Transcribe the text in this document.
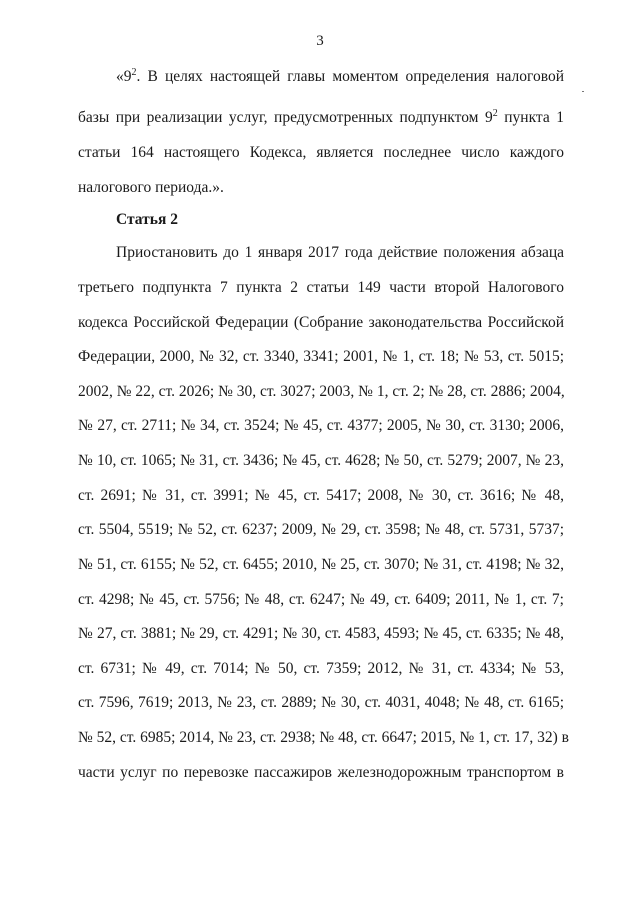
3
«$9^2$. В целях настоящей главы моментом определения налоговой
базы при реализации услуг, предусмотренных подпунктом $9^2$ пункта 1
статьи 164 настоящего Кодекса, является последнее число каждого
налогового периода.».
Статья 2
Приостановить до 1 января 2017 года действие положения абзаца
третьего подпункта 7 пункта 2 статьи 149 части второй Налогового
кодекса Российской Федерации (Собрание законодательства Российской
Федерации, 2000, № 32, ст. 3340, 3341; 2001, № 1, ст. 18; № 53, ст. 5015;
2002, № 22, ст. 2026; № 30, ст. 3027; 2003, № 1, ст. 2; № 28, ст. 2886; 2004,
№ 27, ст. 2711; № 34, ст. 3524; № 45, ст. 4377; 2005, № 30, ст. 3130; 2006,
№ 10, ст. 1065; № 31, ст. 3436; № 45, ст. 4628; № 50, ст. 5279; 2007, № 23,
ст. 2691; № 31, ст. 3991; № 45, ст. 5417; 2008, № 30, ст. 3616; № 48,
ст. 5504, 5519; № 52, ст. 6237; 2009, № 29, ст. 3598; № 48, ст. 5731, 5737;
№ 51, ст. 6155; № 52, ст. 6455; 2010, № 25, ст. 3070; № 31, ст. 4198; № 32,
ст. 4298; № 45, ст. 5756; № 48, ст. 6247; № 49, ст. 6409; 2011, № 1, ст. 7;
№ 27, ст. 3881; № 29, ст. 4291; № 30, ст. 4583, 4593; № 45, ст. 6335; № 48,
ст. 6731; № 49, ст. 7014; № 50, ст. 7359; 2012, № 31, ст. 4334; № 53,
ст. 7596, 7619; 2013, № 23, ст. 2889; № 30, ст. 4031, 4048; № 48, ст. 6165;
№ 52, ст. 6985; 2014, № 23, ст. 2938; № 48, ст. 6647; 2015, № 1, ст. 17, 32) в
части услуг по перевозке пассажиров железнодорожным транспортом в
